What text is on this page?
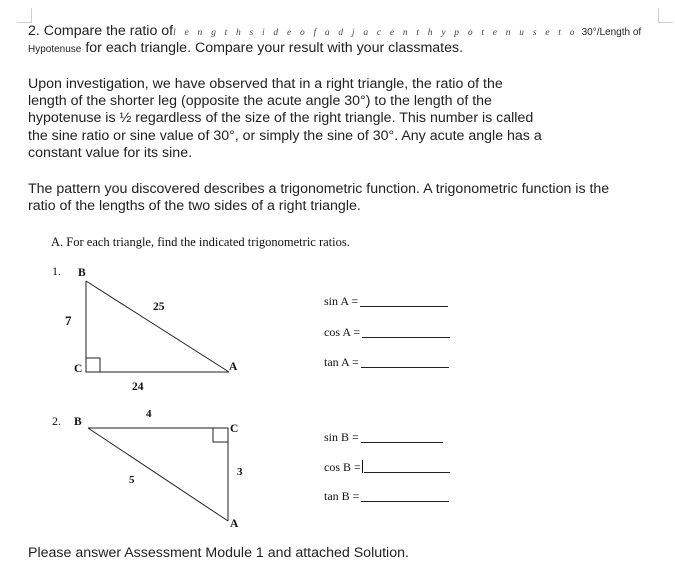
2. Compare the ratio ofl e n g t h s i d e o f a d j a c e n t h y p o t e n u s e t o 30°/Length of
Hypotenuse for each triangle. Compare your result with your classmates.
Upon investigation, we have observed that in a right triangle, the ratio of the
length of the shorter leg (opposite the acute angle 30°) to the length of the
hypotenuse is ½ regardless of the size of the right triangle. This number is called
the sine ratio or sine value of 30°, or simply the sine of 30°. Any acute angle has a
constant value for its sine.
The pattern you discovered describes a trigonometric function. A trigonometric function is the
ratio of the lengths of the two sides of a right triangle.
A. For each triangle, find the indicated trigonometric ratios.
1. B
C	A
7
25
24
2. B
C
A
4
5
3
sin A =
cos A =
tan A =
sin B =
cos B =
tan B =
Please answer Assessment Module 1 and attached Solution.
